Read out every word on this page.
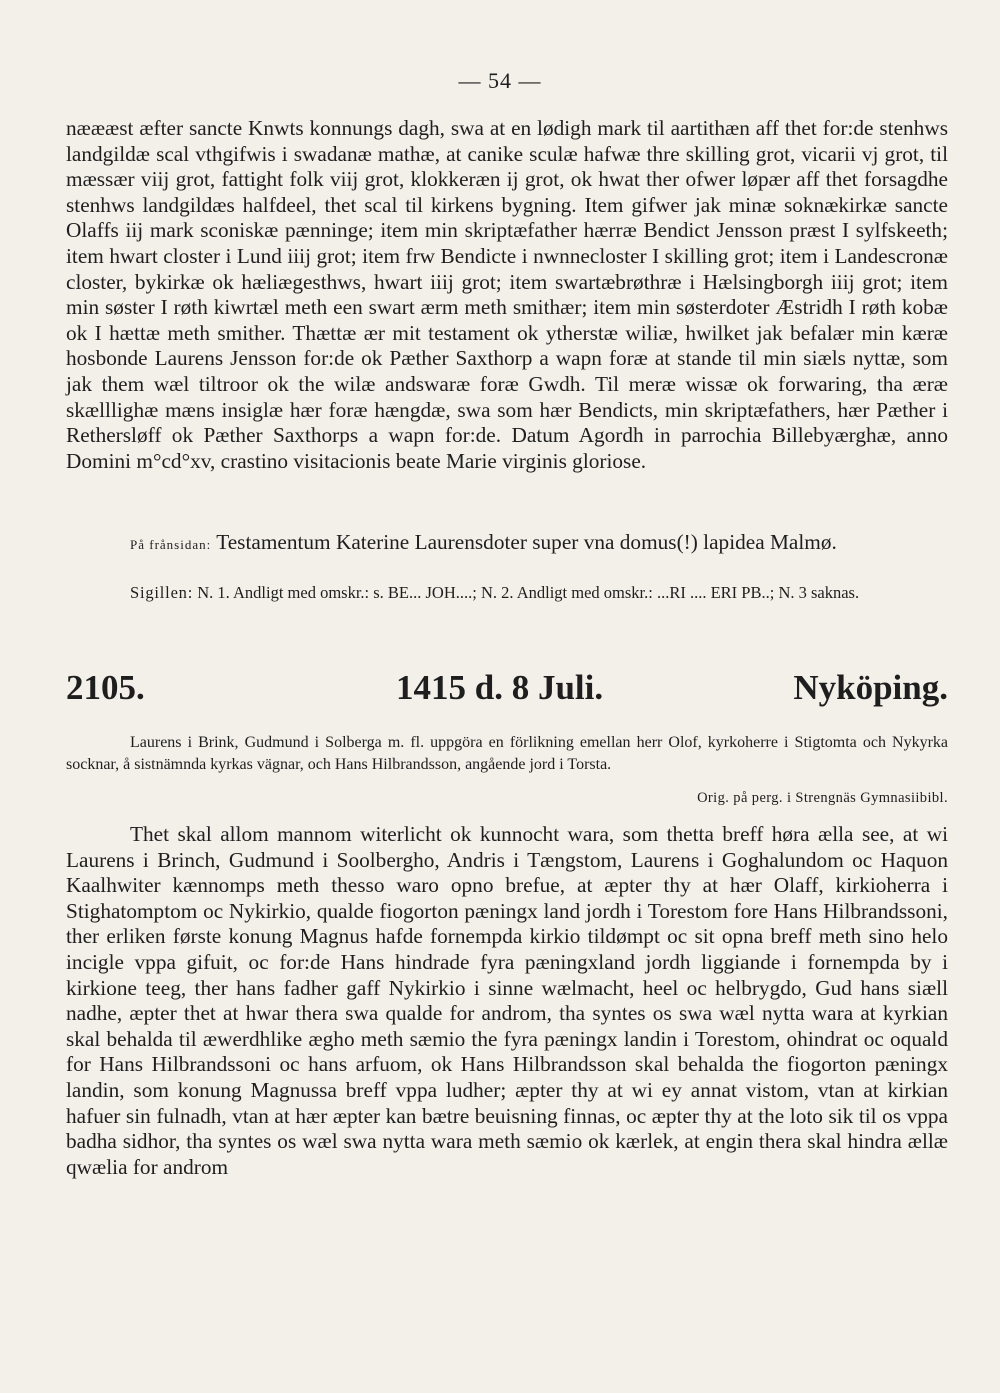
— 54 —
næææst æfter sancte Knwts konnungs dagh, swa at en lødigh mark til aartithæn aff thet for:de stenhws landgildæ scal vthgifwis i swadanæ mathæ, at canike sculæ hafwæ thre skilling grot, vicarii vj grot, til mæssær viij grot, fattight folk viij grot, klokkeræn ij grot, ok hwat ther ofwer løpær aff thet forsagdhe stenhws landgildæs halfdeel, thet scal til kirkens bygning. Item gifwer jak minæ soknækirkæ sancte Olaffs iij mark sconiskæ pænninge; item min skriptæfather hærræ Bendict Jensson præst I sylfskeeth; item hwart closter i Lund iiij grot; item frw Bendicte i nwnnecloster I skilling grot; item i Landescronæ closter, bykirkæ ok hæliægesthws, hwart iiij grot; item swartæbrøthræ i Hælsingborgh iiij grot; item min søster I røth kiwrtæl meth een swart ærm meth smithær; item min søsterdoter Æstridh I røth kobæ ok I hættæ meth smither. Thættæ ær mit testament ok ytherstæ wiliæ, hwilket jak befalær min kæræ hosbonde Laurens Jensson for:de ok Pæther Saxthorp a wapn foræ at stande til min siæls nyttæ, som jak them wæl tiltroor ok the wilæ andswaræ foræ Gwdh. Til meræ wissæ ok forwaring, tha æræ skælllighæ mæns insiglæ hær foræ hængdæ, swa som hær Bendicts, min skriptæfathers, hær Pæther i Rethersløff ok Pæther Saxthorps a wapn for:de. Datum Agordh in parrochia Billebyærghæ, anno Domini m°cd°xv, crastino visitacionis beate Marie virginis gloriose.
På frånsidan: Testamentum Katerine Laurensdoter super vna domus(!) lapidea Malmø.
Sigillen: N. 1. Andligt med omskr.: s. BE... JOH....; N. 2. Andligt med omskr.: ...RI .... ERI PB..; N. 3 saknas.
2105.	1415 d. 8 Juli.	Nyköping.
Laurens i Brink, Gudmund i Solberga m. fl. uppgöra en förlikning emellan herr Olof, kyrkoherre i Stigtomta och Nykyrka socknar, å sistnämnda kyrkas vägnar, och Hans Hilbrandsson, angående jord i Torsta.
Orig. på perg. i Strengnäs Gymnasiibibl.
Thet skal allom mannom witerlicht ok kunnocht wara, som thetta breff høra ælla see, at wi Laurens i Brinch, Gudmund i Soolbergho, Andris i Tængstom, Laurens i Goghalundom oc Haquon Kaalhwiter kænnomps meth thesso waro opno brefue, at æpter thy at hær Olaff, kirkioherra i Stighatomptom oc Nykirkio, qualde fiogorton pæningx land jordh i Torestom fore Hans Hilbrandssoni, ther erliken første konung Magnus hafde fornempda kirkio tildømpt oc sit opna breff meth sino helo incigle vppa gifuit, oc for:de Hans hindrade fyra pæningxland jordh liggiande i fornempda by i kirkione teeg, ther hans fadher gaff Nykirkio i sinne wælmacht, heel oc helbrygdo, Gud hans siæll nadhe, æpter thet at hwar thera swa qualde for androm, tha syntes os swa wæl nytta wara at kyrkian skal behalda til æwerdhlike ægho meth sæmio the fyra pæningx landin i Torestom, ohindrat oc oquald for Hans Hilbrandssoni oc hans arfuom, ok Hans Hilbrandsson skal behalda the fiogorton pæningx landin, som konung Magnussa breff vppa ludher; æpter thy at wi ey annat vistom, vtan at kirkian hafuer sin fulnadh, vtan at hær æpter kan bætre beuisning finnas, oc æpter thy at the loto sik til os vppa badha sidhor, tha syntes os wæl swa nytta wara meth sæmio ok kærlek, at engin thera skal hindra ællæ qwælia for androm
